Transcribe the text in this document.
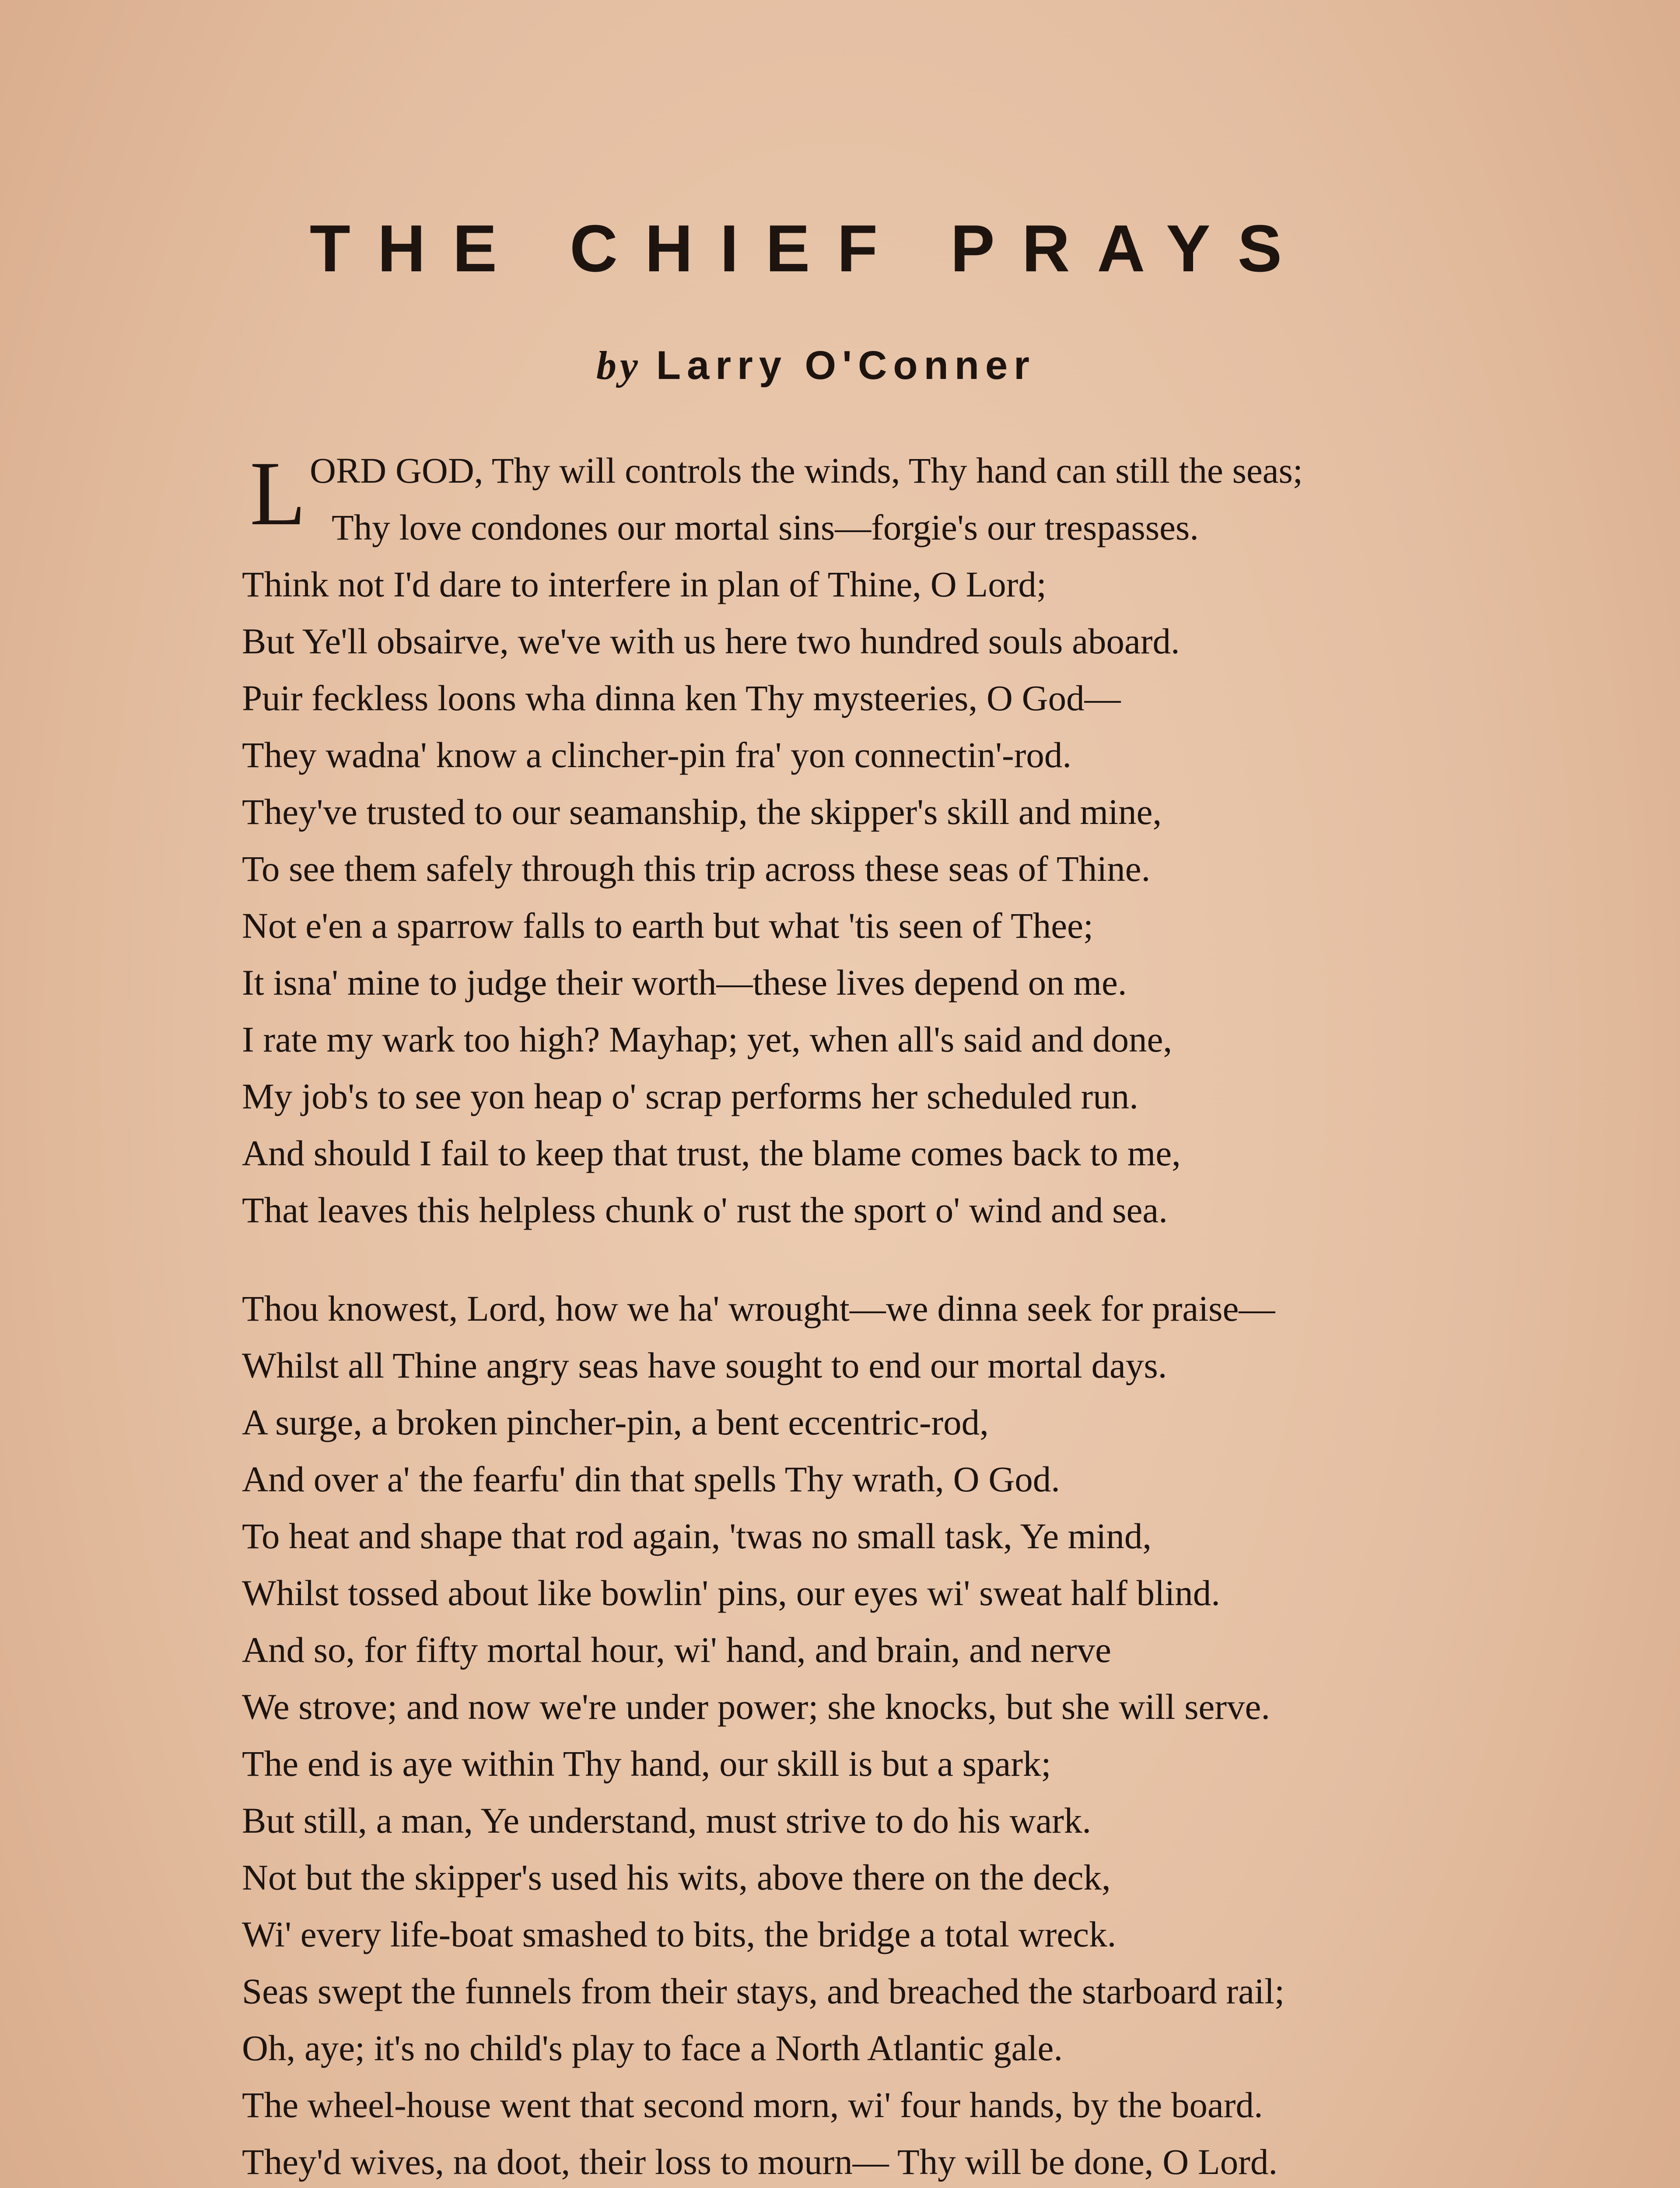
THE CHIEF PRAYS
by Larry O'Conner
L ORD GOD, Thy will controls the winds, Thy hand can still the seas;
Thy love condones our mortal sins—forgie's our trespasses.
Think not I'd dare to interfere in plan of Thine, O Lord;
But Ye'll obsairve, we've with us here two hundred souls aboard.
Puir feckless loons wha dinna ken Thy mysteeries, O God—
They wadna' know a clincher-pin fra' yon connectin'-rod.
They've trusted to our seamanship, the skipper's skill and mine,
To see them safely through this trip across these seas of Thine.
Not e'en a sparrow falls to earth but what 'tis seen of Thee;
It isna' mine to judge their worth—these lives depend on me.
I rate my wark too high? Mayhap; yet, when all's said and done,
My job's to see yon heap o' scrap performs her scheduled run.
And should I fail to keep that trust, the blame comes back to me,
That leaves this helpless chunk o' rust the sport o' wind and sea.
Thou knowest, Lord, how we ha' wrought—we dinna seek for praise—
Whilst all Thine angry seas have sought to end our mortal days.
A surge, a broken pincher-pin, a bent eccentric-rod,
And over a' the fearfu' din that spells Thy wrath, O God.
To heat and shape that rod again, 'twas no small task, Ye mind,
Whilst tossed about like bowlin' pins, our eyes wi' sweat half blind.
And so, for fifty mortal hour, wi' hand, and brain, and nerve
We strove; and now we're under power; she knocks, but she will serve.
The end is aye within Thy hand, our skill is but a spark;
But still, a man, Ye understand, must strive to do his wark.
Not but the skipper's used his wits, above there on the deck,
Wi' every life-boat smashed to bits, the bridge a total wreck.
Seas swept the funnels from their stays, and breached the starboard rail;
Oh, aye; it's no child's play to face a North Atlantic gale.
The wheel-house went that second morn, wi' four hands, by the board.
They'd wives, na doot, their loss to mourn— Thy will be done, O Lord.
